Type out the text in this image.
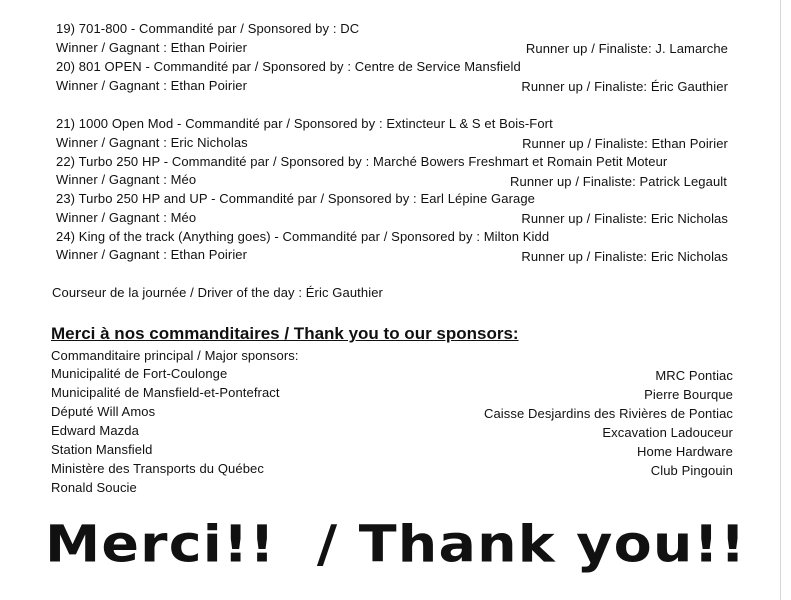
19) 701-800 - Commandité par / Sponsored by : DC
Winner / Gagnant : Ethan Poirier	Runner up / Finaliste: J. Lamarche
20) 801 OPEN - Commandité par / Sponsored by : Centre de Service Mansfield
Winner / Gagnant : Ethan Poirier	Runner up / Finaliste: Éric Gauthier
21) 1000 Open Mod - Commandité par / Sponsored by : Extincteur L & S et Bois-Fort
Winner / Gagnant : Eric Nicholas	Runner up / Finaliste: Ethan Poirier
22) Turbo 250 HP - Commandité par / Sponsored by : Marché Bowers Freshmart et Romain Petit Moteur
Winner / Gagnant : Méo	Runner up / Finaliste: Patrick Legault
23) Turbo 250 HP and UP - Commandité par / Sponsored by : Earl Lépine Garage
Winner / Gagnant : Méo	Runner up / Finaliste: Eric Nicholas
24) King of the track (Anything goes) - Commandité par / Sponsored by : Milton Kidd
Winner / Gagnant : Ethan Poirier	Runner up / Finaliste: Eric Nicholas
Courseur de la journée / Driver of the day : Éric Gauthier
Merci à nos commanditaires / Thank you to our sponsors:
Commanditaire principal / Major sponsors:
Municipalité de Fort-Coulonge
Municipalité de Mansfield-et-Pontefract
Député Will Amos
Edward Mazda
Station Mansfield
Ministère des Transports du Québec
Ronald Soucie
MRC Pontiac
Pierre Bourque
Caisse Desjardins des Rivières de Pontiac
Excavation Ladouceur
Home Hardware
Club Pingouin
Merci!!  / Thank you!!
